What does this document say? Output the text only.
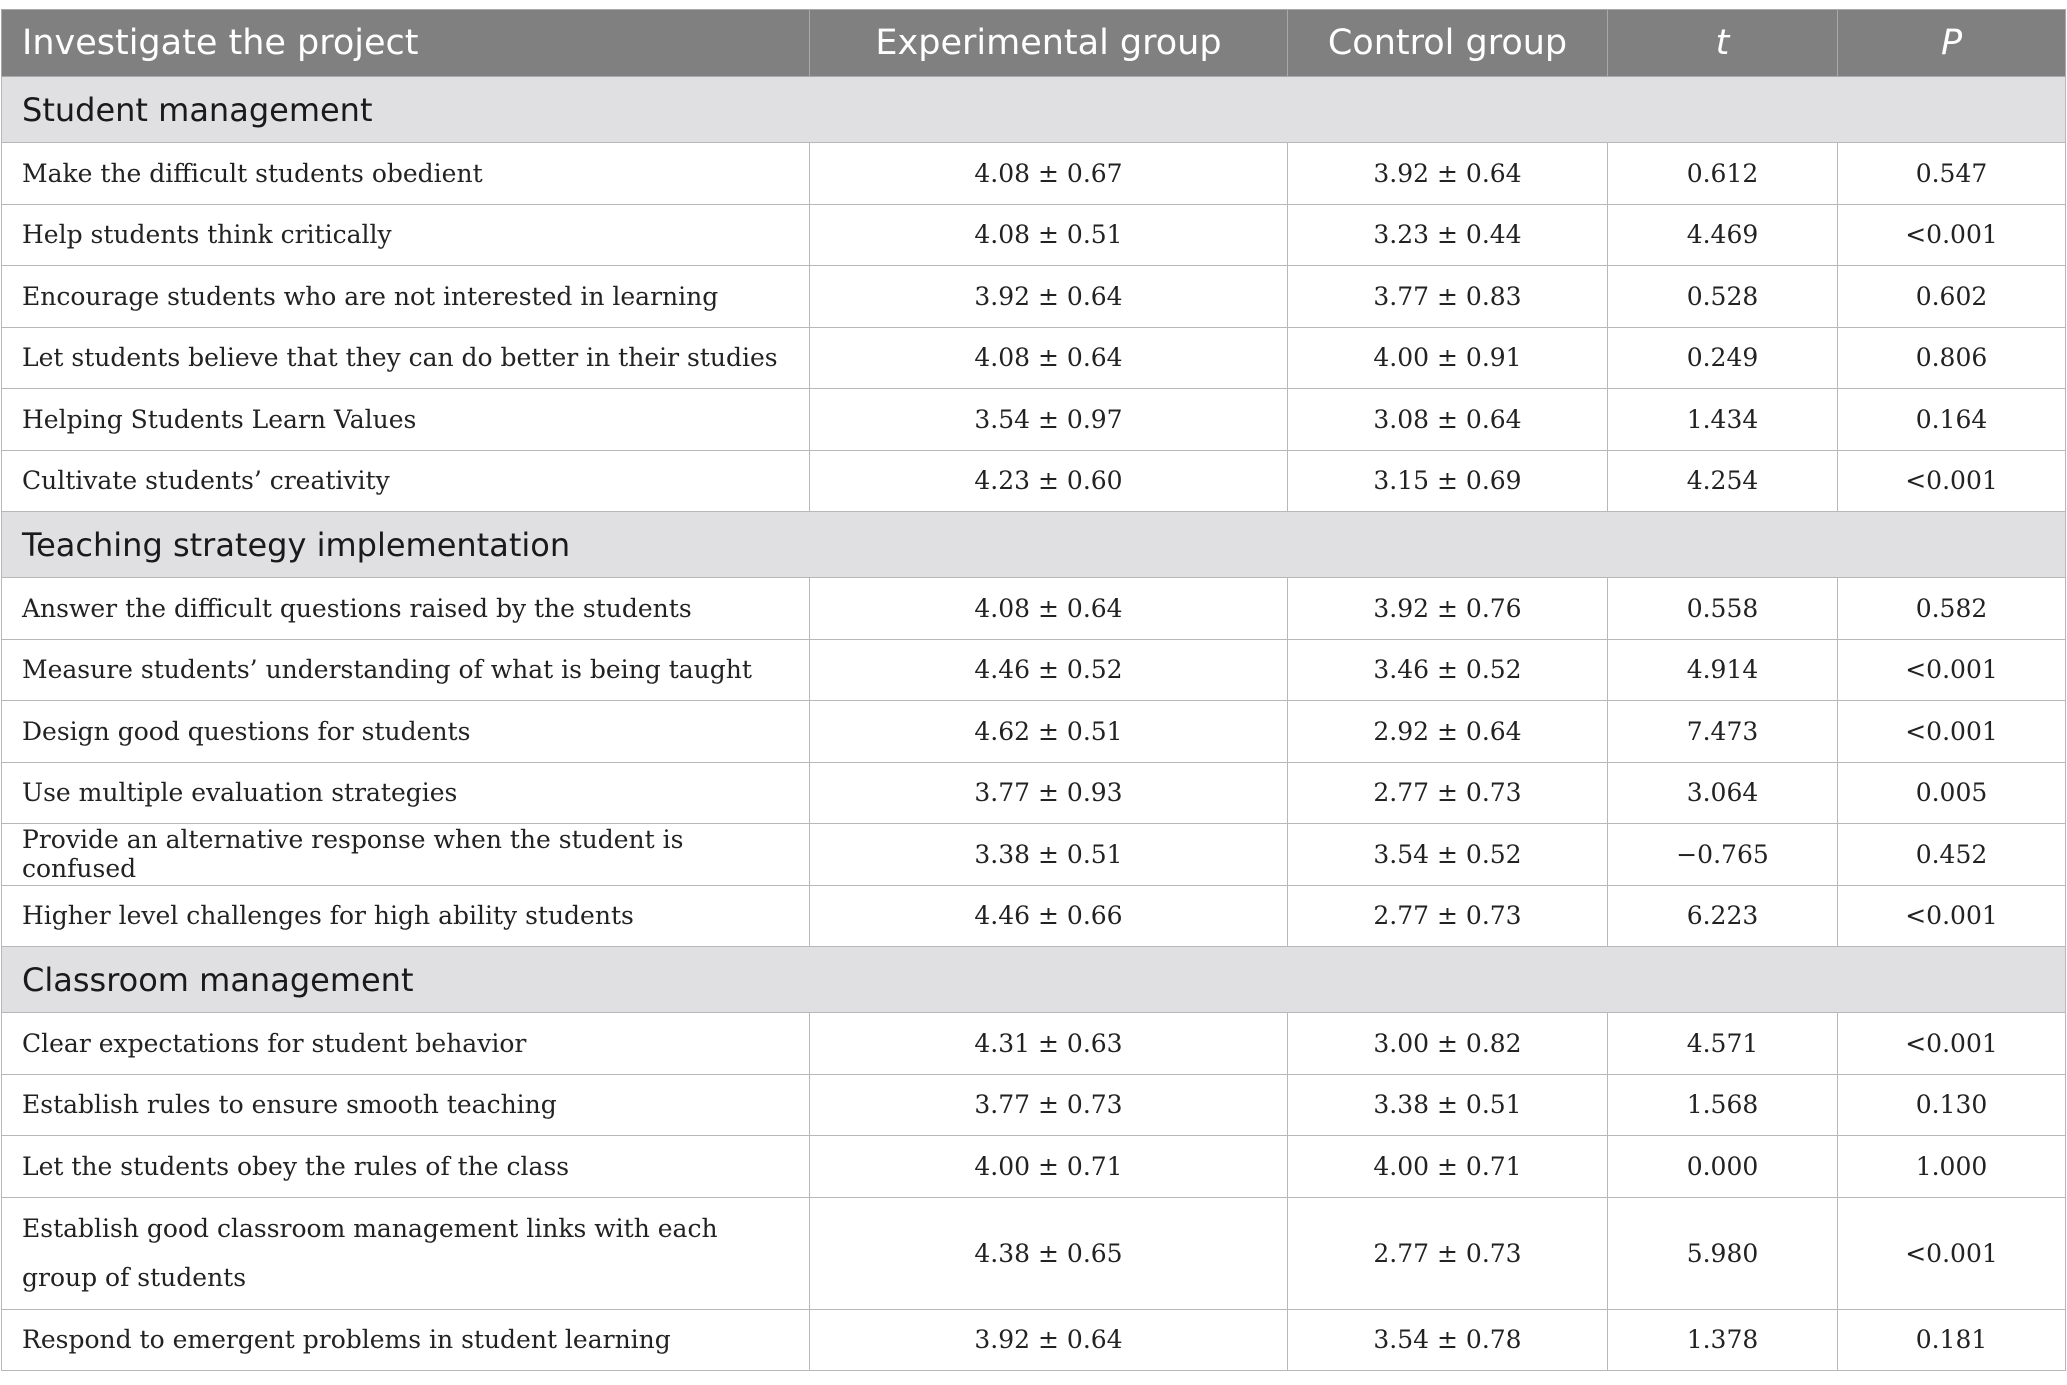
Investigate the project	Experimental group	Control group	t	P
Student management				
Make the difficult students obedient	4.08 ± 0.67	3.92 ± 0.64	0.612	0.547
Help students think critically	4.08 ± 0.51	3.23 ± 0.44	4.469	<0.001
Encourage students who are not interested in learning	3.92 ± 0.64	3.77 ± 0.83	0.528	0.602
Let students believe that they can do better in their studies	4.08 ± 0.64	4.00 ± 0.91	0.249	0.806
Helping Students Learn Values	3.54 ± 0.97	3.08 ± 0.64	1.434	0.164
Cultivate students’ creativity	4.23 ± 0.60	3.15 ± 0.69	4.254	<0.001
Teaching strategy implementation				
Answer the difficult questions raised by the students	4.08 ± 0.64	3.92 ± 0.76	0.558	0.582
Measure students’ understanding of what is being taught	4.46 ± 0.52	3.46 ± 0.52	4.914	<0.001
Design good questions for students	4.62 ± 0.51	2.92 ± 0.64	7.473	<0.001
Use multiple evaluation strategies	3.77 ± 0.93	2.77 ± 0.73	3.064	0.005
Provide an alternative response when the student is confused	3.38 ± 0.51	3.54 ± 0.52	−0.765	0.452
Higher level challenges for high ability students	4.46 ± 0.66	2.77 ± 0.73	6.223	<0.001
Classroom management				
Clear expectations for student behavior	4.31 ± 0.63	3.00 ± 0.82	4.571	<0.001
Establish rules to ensure smooth teaching	3.77 ± 0.73	3.38 ± 0.51	1.568	0.130
Let the students obey the rules of the class	4.00 ± 0.71	4.00 ± 0.71	0.000	1.000
Establish good classroom management links with each group of students	4.38 ± 0.65	2.77 ± 0.73	5.980	<0.001
Respond to emergent problems in student learning	3.92 ± 0.64	3.54 ± 0.78	1.378	0.181
